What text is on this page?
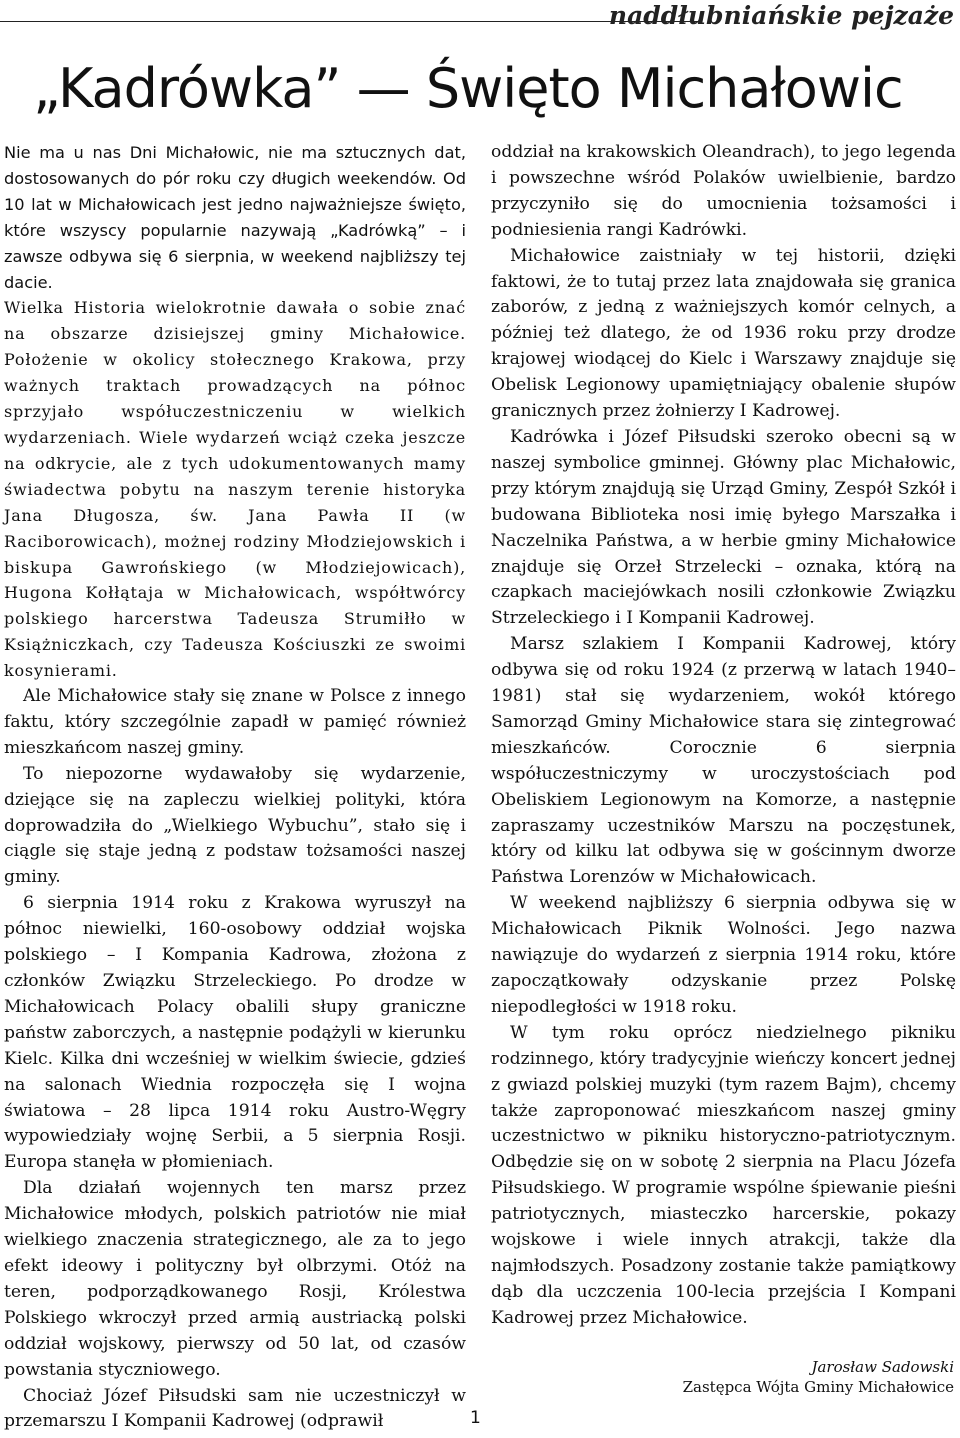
naddłubniańskie pejzaże
„Kadrówka” — Święto Michałowic

Nie ma u nas Dni Michałowic, nie ma sztucznych dat, dostosowanych do pór roku czy długich weekendów. Od 10 lat w Michałowicach jest jedno najważniejsze święto, które wszyscy popularnie nazywają „Kadrówką” – i zawsze odbywa się 6 sierpnia, w weekend najbliższy tej dacie.

Wielka Historia wielokrotnie dawała o sobie znać na obszarze dzisiejszej gminy Michałowice. Położenie w okolicy stołecznego Krakowa, przy ważnych traktach prowadzących na północ sprzyjało współuczestniczeniu w wielkich wydarzeniach. Wiele wydarzeń wciąż czeka jeszcze na odkrycie, ale z tych udokumentowanych mamy świadectwa pobytu na naszym terenie historyka Jana Długosza, św. Jana Pawła II (w Raciborowicach), możnej rodziny Młodziejowskich i biskupa Gawrońskiego (w Młodziejowicach), Hugona Kołłątaja w Michałowicach, współtwórcy polskiego harcerstwa Tadeusza Strumiłło w Książniczkach, czy Tadeusza Kościuszki ze swoimi kosynierami.

Ale Michałowice stały się znane w Polsce z innego faktu, który szczególnie zapadł w pamięć również mieszkańcom naszej gminy.

To niepozorne wydawałoby się wydarzenie, dziejące się na zapleczu wielkiej polityki, która doprowadziła do „Wielkiego Wybuchu”, stało się i ciągle się staje jedną z podstaw tożsamości naszej gminy.

6 sierpnia 1914 roku z Krakowa wyruszył na północ niewielki, 160-osobowy oddział wojska polskiego – I Kompania Kadrowa, złożona z członków Związku Strzeleckiego. Po drodze w Michałowicach Polacy obalili słupy graniczne państw zaborczych, a następnie podążyli w kierunku Kielc. Kilka dni wcześniej w wielkim świecie, gdzieś na salonach Wiednia rozpoczęła się I wojna światowa – 28 lipca 1914 roku Austro-Węgry wypowiedziały wojnę Serbii, a 5 sierpnia Rosji. Europa stanęła w płomieniach.

Dla działań wojennych ten marsz przez Michałowice młodych, polskich patriotów nie miał wielkiego znaczenia strategicznego, ale za to jego efekt ideowy i polityczny był olbrzymi. Otóż na teren, podporządkowanego Rosji, Królestwa Polskiego wkroczył przed armią austriacką polski oddział wojskowy, pierwszy od 50 lat, od czasów powstania styczniowego.

Chociaż Józef Piłsudski sam nie uczestniczył w przemarszu I Kompanii Kadrowej (odprawił

oddział na krakowskich Oleandrach), to jego legenda i powszechne wśród Polaków uwielbienie, bardzo przyczyniło się do umocnienia tożsamości i podniesienia rangi Kadrówki.

Michałowice zaistniały w tej historii, dzięki faktowi, że to tutaj przez lata znajdowała się granica zaborów, z jedną z ważniejszych komór celnych, a później też dlatego, że od 1936 roku przy drodze krajowej wiodącej do Kielc i Warszawy znajduje się Obelisk Legionowy upamiętniający obalenie słupów granicznych przez żołnierzy I Kadrowej.

Kadrówka i Józef Piłsudski szeroko obecni są w naszej symbolice gminnej. Główny plac Michałowic, przy którym znajdują się Urząd Gminy, Zespół Szkół i budowana Biblioteka nosi imię byłego Marszałka i Naczelnika Państwa, a w herbie gminy Michałowice znajduje się Orzeł Strzelecki – oznaka, którą na czapkach maciejówkach nosili członkowie Związku Strzeleckiego i I Kompanii Kadrowej.

Marsz szlakiem I Kompanii Kadrowej, który odbywa się od roku 1924 (z przerwą w latach 1940–1981) stał się wydarzeniem, wokół którego Samorząd Gminy Michałowice stara się zintegrować mieszkańców. Corocznie 6 sierpnia współuczestniczymy w uroczystościach pod Obeliskiem Legionowym na Komorze, a następnie zapraszamy uczestników Marszu na poczęstunek, który od kilku lat odbywa się w gościnnym dworze Państwa Lorenzów w Michałowicach.

W weekend najbliższy 6 sierpnia odbywa się w Michałowicach Piknik Wolności. Jego nazwa nawiązuje do wydarzeń z sierpnia 1914 roku, które zapoczątkowały odzyskanie przez Polskę niepodległości w 1918 roku.

W tym roku oprócz niedzielnego pikniku rodzinnego, który tradycyjnie wieńczy koncert jednej z gwiazd polskiej muzyki (tym razem Bajm), chcemy także zaproponować mieszkańcom naszej gminy uczestnictwo w pikniku historyczno-patriotycznym. Odbędzie się on w sobotę 2 sierpnia na Placu Józefa Piłsudskiego. W programie wspólne śpiewanie pieśni patriotycznych, miasteczko harcerskie, pokazy wojskowe i wiele innych atrakcji, także dla najmłodszych. Posadzony zostanie także pamiątkowy dąb dla uczczenia 100-lecia przejścia I Kompani Kadrowej przez Michałowice.

Jarosław Sadowski
Zastępca Wójta Gminy Michałowice
1
